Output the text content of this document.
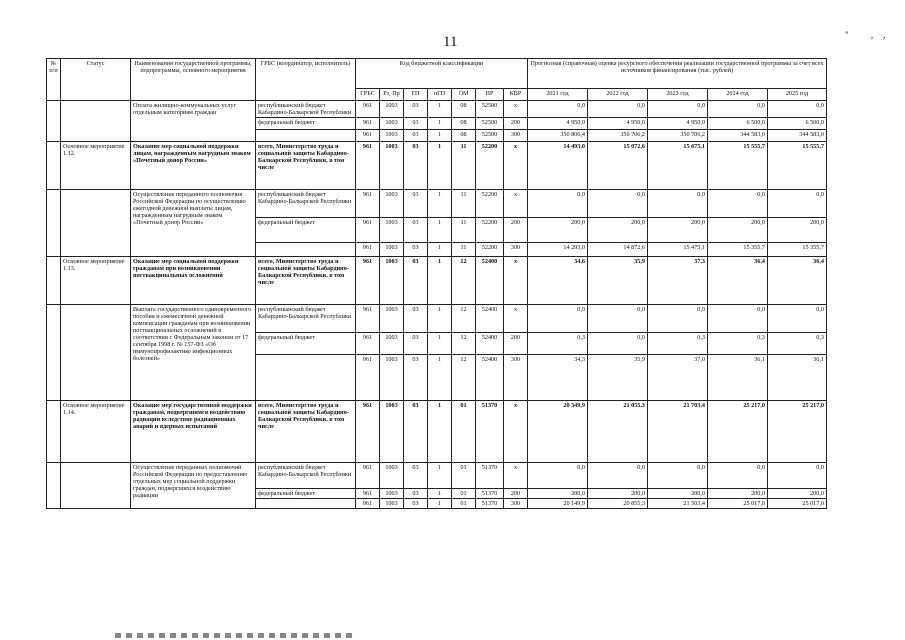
11	" ,,
№ п/п	Статус	Наименования государственной программы, подпрограммы, основного мероприятия	ГРБС (координатор, исполнитель)	Код бюджетной классификации							Прогнозная (справочная) оценка ресурсного обеспечения реализации государственной программы за счет всех источников финансирования (тыс. рублей)				
				ГРБС	Рз, Пр	ГП	пГП	ОМ	НР	КВР	2021 год	2022 год	2023 год	2024 год	2025 год
		Оплата жилищно-коммунальных услуг отдельным категориям граждан	республиканский бюджет Кабардино-Балкарской Республики	961	1003	03	1	08	52500	х	0,0	0,0	0,0	0,0	0,0
			федеральный бюджет	961	1003	03	1	08	52500	200	4 950,0	4 950,0	4 950,0	6 500,0	6 500,0
				961	1003	03	1	08	52500	300	350 806,4	350 706,2	350 706,2	344 583,0	344 583,0
	Основное мероприятие 1.12.	Оказание мер социальной поддержки лицам, награжденным нагрудным знаком «Почетный донор России»	всего, Министерство труда и социальной защиты Кабардино-Балкарской Республики, в том числе	961	1003	03	1	11	52200	х	14 493,0	15 072,6	15 675,1	15 555,7	15 555,7
		Осуществление переданного полномочия Российской Федерации по осуществлению ежегодной денежной выплаты лицам, награжденным нагрудным знаком «Почетный донор России»	республиканский бюджет Кабардино-Балкарской Республики	961	1003	03	1	11	52200	х	0,0	0,0	0,0	0,0	0,0
			федеральный бюджет	961	1003	03	1	11	52200	200	200,0	200,0	200,0	200,0	200,0
				961	1003	03	1	11	52200	300	14 293,0	14 872,6	15 475,1	15 355,7	15 355,7
	Основное мероприятие 1.13.	Оказание мер социальной поддержки гражданам при возникновении поствакцинальных осложнений	всего, Министерство труда и социальной защиты Кабардино-Балкарской Республики, в том числе	961	1003	03	1	12	52400	х	34,6	35,9	37,3	36,4	36,4
		Выплата государственного единовременного пособия и ежемесячной денежной компенсации гражданам при возникновении поствакцинальных осложнений в соответствии с Федеральным законом от 17 сентября 1998 г. № 157-ФЗ «Об иммунопрофилактике инфекционных болезней»	республиканский бюджет Кабардино-Балкарской Республики	961	1003	03	1	12	52400	х	0,0	0,0	0,0	0,0	0,0
			федеральный бюджет	961	1003	03	1	12	52400	200	0,3	0,0	0,3	0,3	0,3
				961	1003	03	1	12	52400	300	34,3	35,9	37,0	36,1	36,1
	Основное мероприятие 1.14.	Оказание мер государственной поддержки гражданам, подвергшимся воздействию радиации вследствие радиационных аварий и ядерных испытаний	всего, Министерство труда и социальной защиты Кабардино-Балкарской Республики, в том числе	961	1003	03	1	01	51370	х	20 349,9	21 055,3	21 703,4	25 217,0	25 217,0
		Осуществление переданных полномочий Российской Федерации по предоставлению отдельных мер социальной поддержки граждан, подвергшихся воздействию радиации	республиканский бюджет Кабардино-Балкарской Республики	961	1003	03	1	01	51370	х	0,0	0,0	0,0	0,0	0,0
			федеральный бюджет	961	1003	03	1	01	51370	200	200,0	200,0	200,0	200,0	200,0
				961	1003	03	1	01	51370	300	20 149,9	20 855,3	21 503,4	25 017,0	25 017,0
